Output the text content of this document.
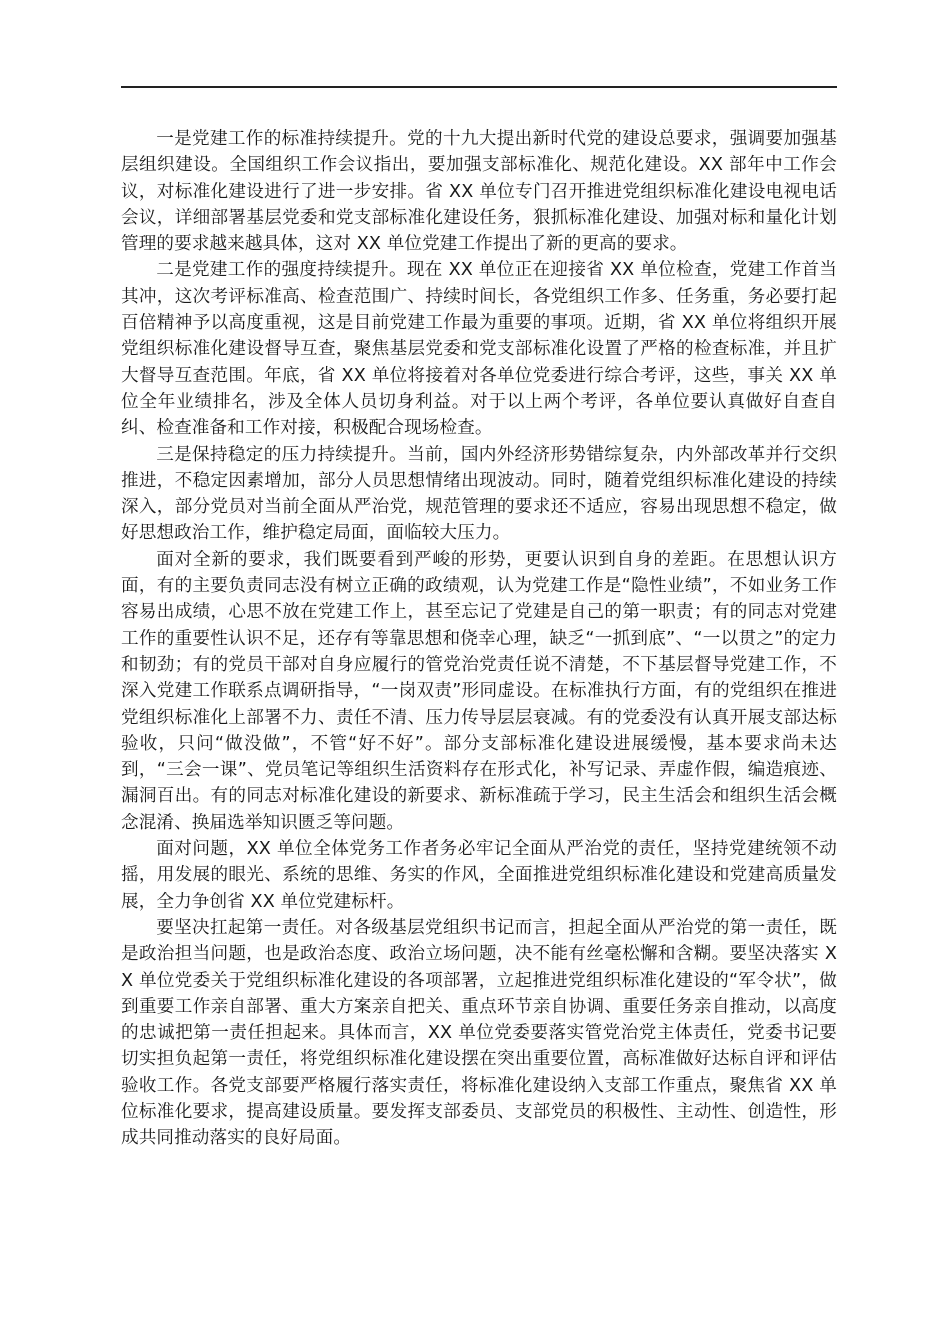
一是党建工作的标准持续提升。党的十九大提出新时代党的建设总要求，强调要加强基层组织建设。全国组织工作会议指出，要加强支部标准化、规范化建设。XX 部年中工作会议，对标准化建设进行了进一步安排。省 XX 单位专门召开推进党组织标准化建设电视电话会议，详细部署基层党委和党支部标准化建设任务，狠抓标准化建设、加强对标和量化计划管理的要求越来越具体，这对 XX 单位党建工作提出了新的更高的要求。

二是党建工作的强度持续提升。现在 XX 单位正在迎接省 XX 单位检查，党建工作首当其冲，这次考评标准高、检查范围广、持续时间长，各党组织工作多、任务重，务必要打起百倍精神予以高度重视，这是目前党建工作最为重要的事项。近期，省 XX 单位将组织开展党组织标准化建设督导互查，聚焦基层党委和党支部标准化设置了严格的检查标准，并且扩大督导互查范围。年底，省 XX 单位将接着对各单位党委进行综合考评，这些，事关 XX 单位全年业绩排名，涉及全体人员切身利益。对于以上两个考评，各单位要认真做好自查自纠、检查准备和工作对接，积极配合现场检查。

三是保持稳定的压力持续提升。当前，国内外经济形势错综复杂，内外部改革并行交织推进，不稳定因素增加，部分人员思想情绪出现波动。同时，随着党组织标准化建设的持续深入，部分党员对当前全面从严治党，规范管理的要求还不适应，容易出现思想不稳定，做好思想政治工作，维护稳定局面，面临较大压力。

面对全新的要求，我们既要看到严峻的形势，更要认识到自身的差距。在思想认识方面，有的主要负责同志没有树立正确的政绩观，认为党建工作是“隐性业绩”，不如业务工作容易出成绩，心思不放在党建工作上，甚至忘记了党建是自己的第一职责；有的同志对党建工作的重要性认识不足，还存有等靠思想和侥幸心理，缺乏“一抓到底”、“一以贯之”的定力和韧劲；有的党员干部对自身应履行的管党治党责任说不清楚，不下基层督导党建工作，不深入党建工作联系点调研指导，“一岗双责”形同虚设。在标准执行方面，有的党组织在推进党组织标准化上部署不力、责任不清、压力传导层层衰减。有的党委没有认真开展支部达标验收，只问“做没做”，不管“好不好”。部分支部标准化建设进展缓慢，基本要求尚未达到，“三会一课”、党员笔记等组织生活资料存在形式化，补写记录、弄虚作假，编造痕迹、漏洞百出。有的同志对标准化建设的新要求、新标准疏于学习，民主生活会和组织生活会概念混淆、换届选举知识匮乏等问题。

面对问题，XX 单位全体党务工作者务必牢记全面从严治党的责任，坚持党建统领不动摇，用发展的眼光、系统的思维、务实的作风，全面推进党组织标准化建设和党建高质量发展，全力争创省 XX 单位党建标杆。

要坚决扛起第一责任。对各级基层党组织书记而言，担起全面从严治党的第一责任，既是政治担当问题，也是政治态度、政治立场问题，决不能有丝毫松懈和含糊。要坚决落实 XX 单位党委关于党组织标准化建设的各项部署，立起推进党组织标准化建设的“军令状”，做到重要工作亲自部署、重大方案亲自把关、重点环节亲自协调、重要任务亲自推动，以高度的忠诚把第一责任担起来。具体而言，XX 单位党委要落实管党治党主体责任，党委书记要切实担负起第一责任，将党组织标准化建设摆在突出重要位置，高标准做好达标自评和评估验收工作。各党支部要严格履行落实责任，将标准化建设纳入支部工作重点，聚焦省 XX 单位标准化要求，提高建设质量。要发挥支部委员、支部党员的积极性、主动性、创造性，形成共同推动落实的良好局面。
